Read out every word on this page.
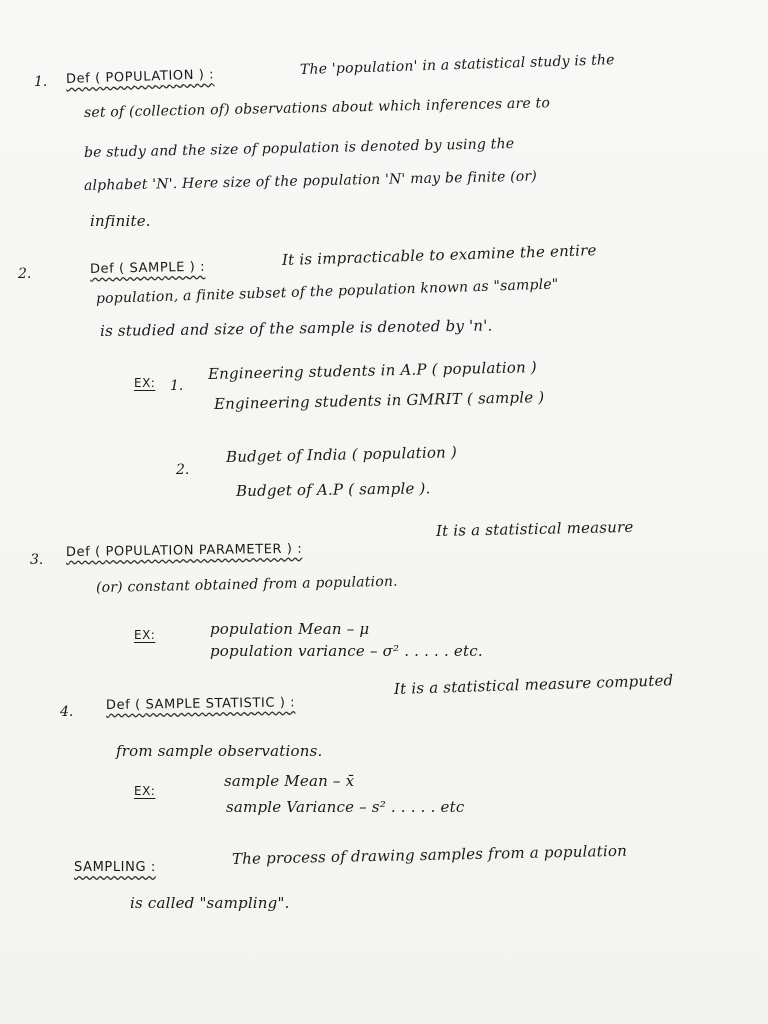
1. Def ( POPULATION ) :	The 'population' in a statistical study is the
set of (collection of) observations about which inferences are to
be study and the size of population is denoted by using the
alphabet 'N'. Here size of the population 'N' may be finite (or)
infinite.
2.	Def ( SAMPLE ) :	It is impracticable to examine the entire
population, a finite subset of the population known as "sample"
is studied and size of the sample is denoted by 'n'.
EX: 1.
Engineering students in A.P ( population )
Engineering students in GMRIT ( sample )
2.
Budget of India ( population )
Budget of A.P ( sample ).
3.
Def ( POPULATION PARAMETER ) :
It is a statistical measure
(or) constant obtained from a population.
EX:	population Mean – μ
population variance – σ² . . . . . etc.
4.	Def ( SAMPLE STATISTIC ) :
It is a statistical measure computed
from sample observations.
EX:
sample Mean – x̄
sample Variance – s² . . . . . etc
SAMPLING :	The process of drawing samples from a population
is called "sampling".
